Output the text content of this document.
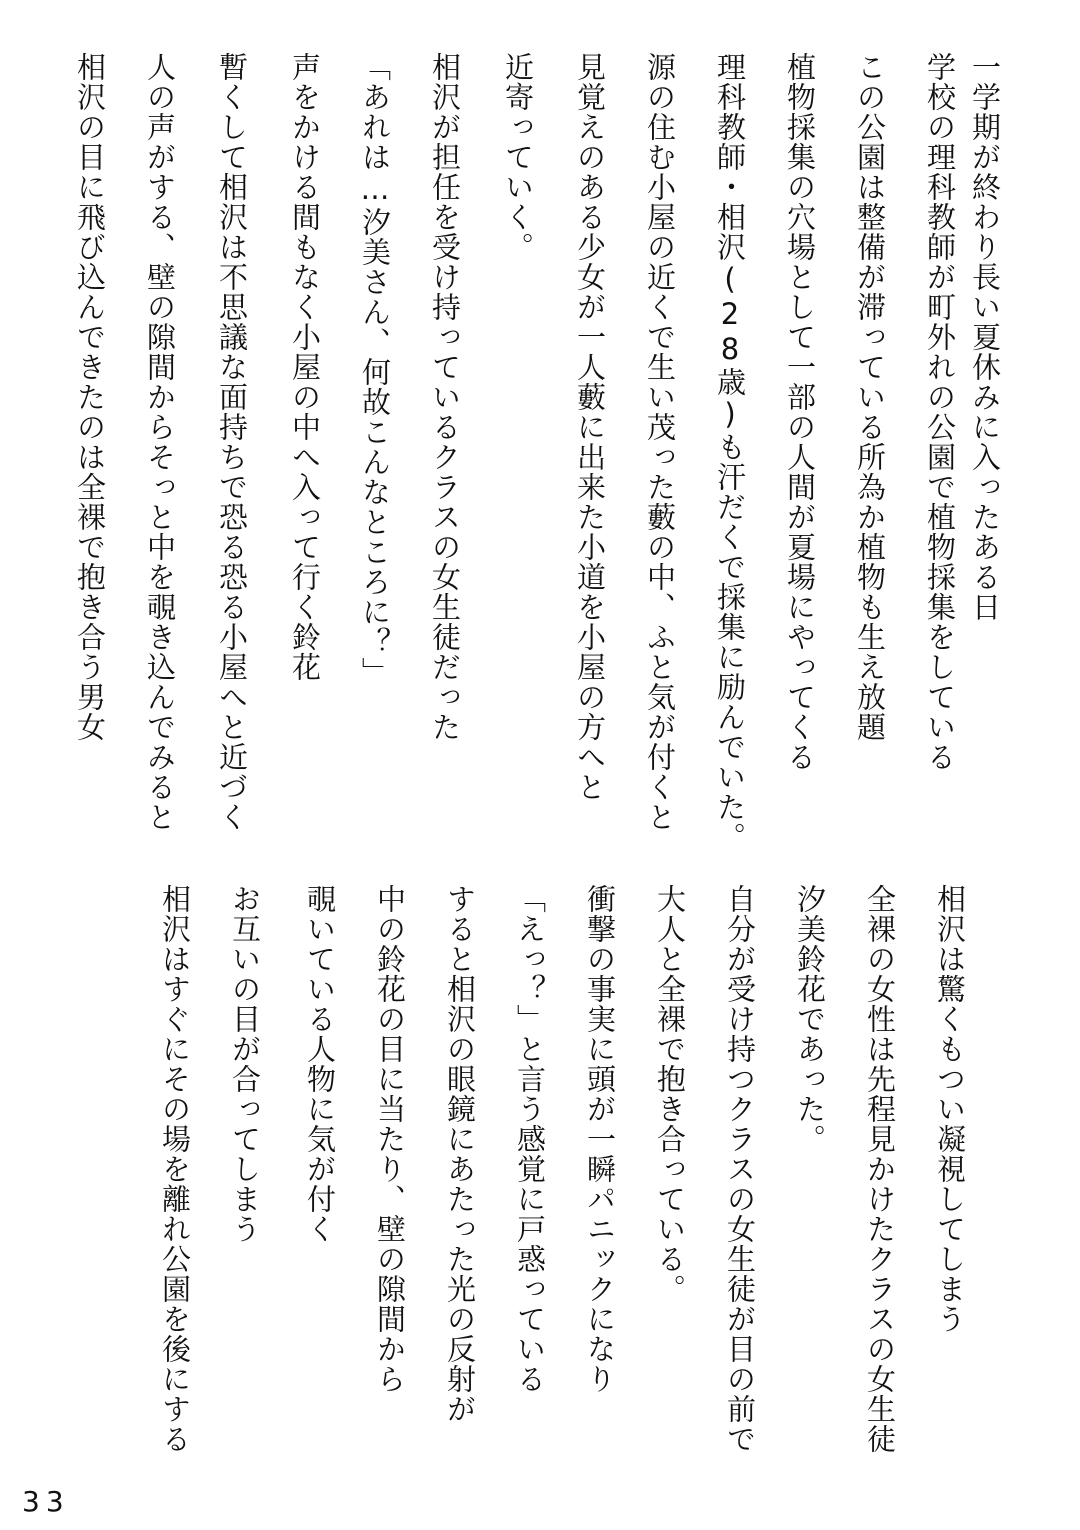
一学期が終わり長い夏休みに入ったある日
学校の理科教師が町外れの公園で植物採集をしている
この公園は整備が滞っている所為か植物も生え放題
植物採集の穴場として一部の人間が夏場にやってくる
理科教師・相沢(28歳)も汗だくで採集に励んでいた。
源の住む小屋の近くで生い茂った藪の中、ふと気が付くと
見覚えのある少女が一人藪に出来た小道を小屋の方へと
近寄っていく。
相沢が担任を受け持っているクラスの女生徒だった
「あれは…汐美さん、何故こんなところに？」
声をかける間もなく小屋の中へ入って行く鈴花
暫くして相沢は不思議な面持ちで恐る恐る小屋へと近づく
人の声がする、壁の隙間からそっと中を覗き込んでみると
相沢の目に飛び込んできたのは全裸で抱き合う男女
相沢は驚くもつい凝視してしまう
全裸の女性は先程見かけたクラスの女生徒
汐美鈴花であった。
自分が受け持つクラスの女生徒が目の前で
大人と全裸で抱き合っている。
衝撃の事実に頭が一瞬パニックになり
「えっ？」と言う感覚に戸惑っている
すると相沢の眼鏡にあたった光の反射が
中の鈴花の目に当たり、壁の隙間から
覗いている人物に気が付く
お互いの目が合ってしまう
相沢はすぐにその場を離れ公園を後にする
33
